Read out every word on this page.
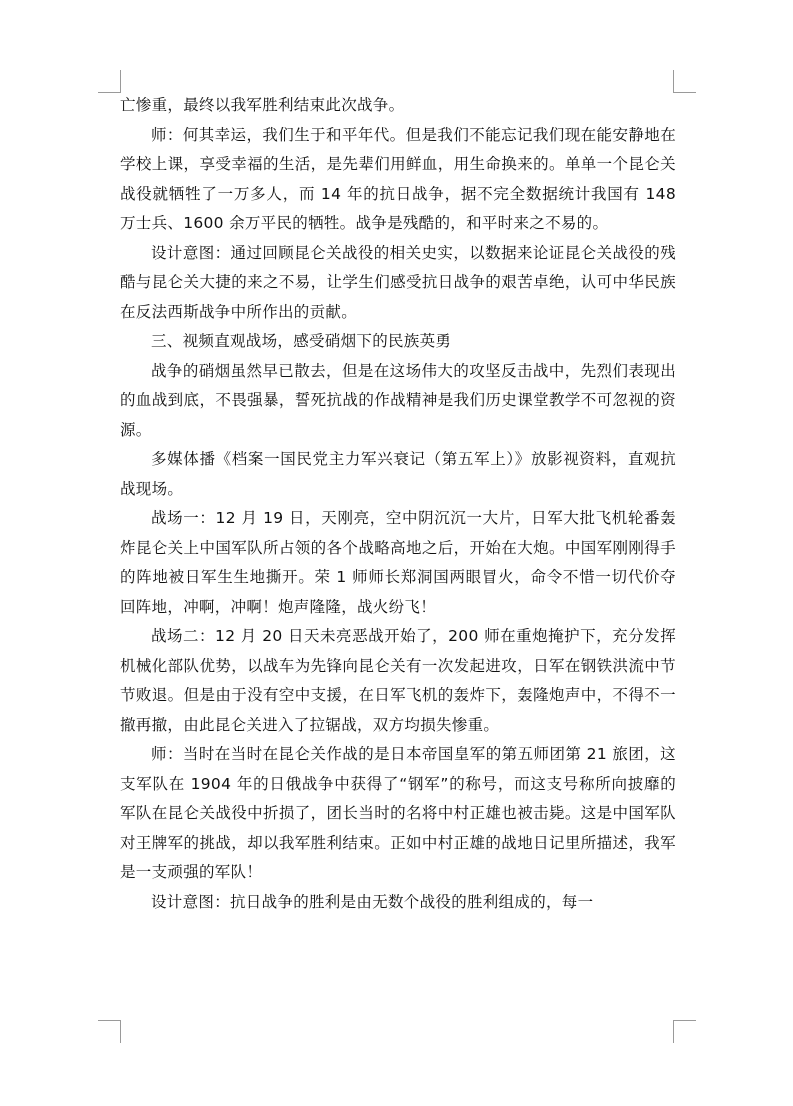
亡惨重，最终以我军胜利结束此次战争。

师：何其幸运，我们生于和平年代。但是我们不能忘记我们现在能安静地在学校上课，享受幸福的生活，是先辈们用鲜血，用生命换来的。单单一个昆仑关战役就牺牲了一万多人，而 14 年的抗日战争，据不完全数据统计我国有 148 万士兵、1600 余万平民的牺牲。战争是残酷的，和平时来之不易的。

设计意图：通过回顾昆仑关战役的相关史实，以数据来论证昆仑关战役的残酷与昆仑关大捷的来之不易，让学生们感受抗日战争的艰苦卓绝，认可中华民族在反法西斯战争中所作出的贡献。

三、视频直观战场，感受硝烟下的民族英勇

战争的硝烟虽然早已散去，但是在这场伟大的攻坚反击战中，先烈们表现出的血战到底，不畏强暴，誓死抗战的作战精神是我们历史课堂教学不可忽视的资源。

多媒体播《档案一国民党主力军兴衰记（第五军上）》放影视资料，直观抗战现场。

战场一：12 月 19 日，天刚亮，空中阴沉沉一大片，日军大批飞机轮番轰炸昆仑关上中国军队所占领的各个战略高地之后，开始在大炮。中国军刚刚得手的阵地被日军生生地撕开。荣 1 师师长郑洞国两眼冒火，命令不惜一切代价夺回阵地，冲啊，冲啊！炮声隆隆，战火纷飞！

战场二：12 月 20 日天未亮恶战开始了，200 师在重炮掩护下，充分发挥机械化部队优势，以战车为先锋向昆仑关有一次发起进攻，日军在钢铁洪流中节节败退。但是由于没有空中支援，在日军飞机的轰炸下，轰隆炮声中，不得不一撤再撤，由此昆仑关进入了拉锯战，双方均损失惨重。

师：当时在当时在昆仑关作战的是日本帝国皇军的第五师团第 21 旅团，这支军队在 1904 年的日俄战争中获得了“钢军”的称号，而这支号称所向披靡的军队在昆仑关战役中折损了，团长当时的名将中村正雄也被击毙。这是中国军队对王牌军的挑战，却以我军胜利结束。正如中村正雄的战地日记里所描述，我军是一支顽强的军队！

设计意图：抗日战争的胜利是由无数个战役的胜利组成的，每一
